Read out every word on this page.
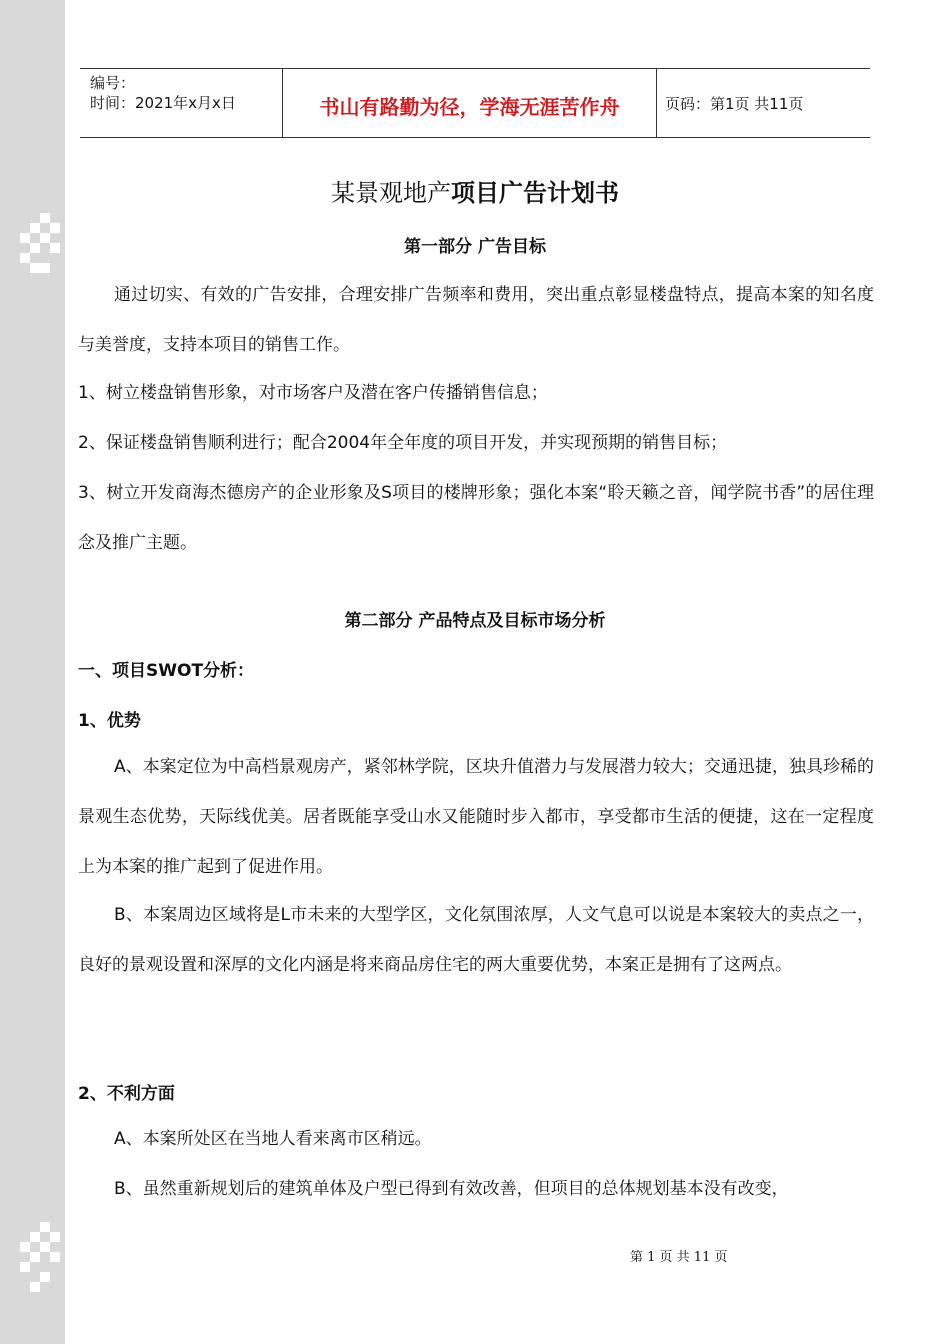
编号：
时间：2021年x月x日	书山有路勤为径，学海无涯苦作舟	页码：第1页 共11页
某景观地产项目广告计划书
第一部分 广告目标
通过切实、有效的广告安排，合理安排广告频率和费用，突出重点彰显楼盘特点，提高本案的知名度与美誉度，支持本项目的销售工作。
1、树立楼盘销售形象，对市场客户及潜在客户传播销售信息；
2、保证楼盘销售顺利进行；配合2004年全年度的项目开发，并实现预期的销售目标；
3、树立开发商海杰德房产的企业形象及S项目的楼牌形象；强化本案“聆天籁之音，闻学院书香”的居住理念及推广主题。
第二部分 产品特点及目标市场分析
一、项目SWOT分析：
1、优势
A、本案定位为中高档景观房产，紧邻林学院，区块升值潜力与发展潜力较大；交通迅捷，独具珍稀的景观生态优势，天际线优美。居者既能享受山水又能随时步入都市，享受都市生活的便捷，这在一定程度上为本案的推广起到了促进作用。
B、本案周边区域将是L市未来的大型学区，文化氛围浓厚，人文气息可以说是本案较大的卖点之一，良好的景观设置和深厚的文化内涵是将来商品房住宅的两大重要优势，本案正是拥有了这两点。
2、不利方面
A、本案所处区在当地人看来离市区稍远。
B、虽然重新规划后的建筑单体及户型已得到有效改善，但项目的总体规划基本没有改变，
第 1 页 共 11 页
